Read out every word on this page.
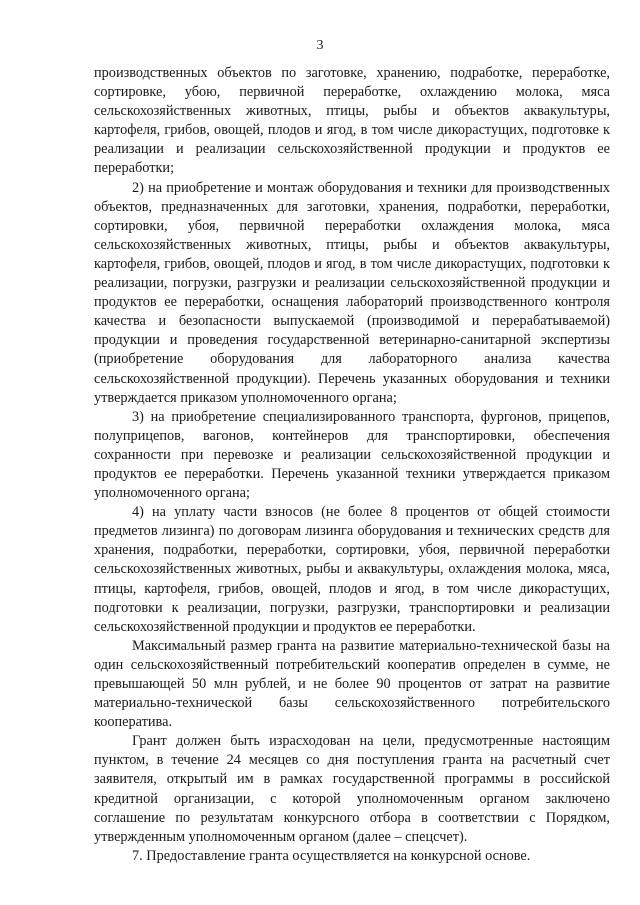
3

производственных объектов по заготовке, хранению, подработке, переработке, сортировке, убою, первичной переработке, охлаждению молока, мяса сельскохозяйственных животных, птицы, рыбы и объектов аквакультуры, картофеля, грибов, овощей, плодов и ягод, в том числе дикорастущих, подготовке к реализации и реализации сельскохозяйственной продукции и продуктов ее переработки;

2) на приобретение и монтаж оборудования и техники для производственных объектов, предназначенных для заготовки, хранения, подработки, переработки, сортировки, убоя, первичной переработки охлаждения молока, мяса сельскохозяйственных животных, птицы, рыбы и объектов аквакультуры, картофеля, грибов, овощей, плодов и ягод, в том числе дикорастущих, подготовки к реализации, погрузки, разгрузки и реализации сельскохозяйственной продукции и продуктов ее переработки, оснащения лабораторий производственного контроля качества и безопасности выпускаемой (производимой и перерабатываемой) продукции и проведения государственной ветеринарно-санитарной экспертизы (приобретение оборудования для лабораторного анализа качества сельскохозяйственной продукции). Перечень указанных оборудования и техники утверждается приказом уполномоченного органа;

3) на приобретение специализированного транспорта, фургонов, прицепов, полуприцепов, вагонов, контейнеров для транспортировки, обеспечения сохранности при перевозке и реализации сельскохозяйственной продукции и продуктов ее переработки. Перечень указанной техники утверждается приказом уполномоченного органа;

4) на уплату части взносов (не более 8 процентов от общей стоимости предметов лизинга) по договорам лизинга оборудования и технических средств для хранения, подработки, переработки, сортировки, убоя, первичной переработки сельскохозяйственных животных, рыбы и аквакультуры, охлаждения молока, мяса, птицы, картофеля, грибов, овощей, плодов и ягод, в том числе дикорастущих, подготовки к реализации, погрузки, разгрузки, транспортировки и реализации сельскохозяйственной продукции и продуктов ее переработки.

Максимальный размер гранта на развитие материально-технической базы на один сельскохозяйственный потребительский кооператив определен в сумме, не превышающей 50 млн рублей, и не более 90 процентов от затрат на развитие материально-технической базы сельскохозяйственного потребительского кооператива.

Грант должен быть израсходован на цели, предусмотренные настоящим пунктом, в течение 24 месяцев со дня поступления гранта на расчетный счет заявителя, открытый им в рамках государственной программы в российской кредитной организации, с которой уполномоченным органом заключено соглашение по результатам конкурсного отбора в соответствии с Порядком, утвержденным уполномоченным органом (далее – спецсчет).

7. Предоставление гранта осуществляется на конкурсной основе.
